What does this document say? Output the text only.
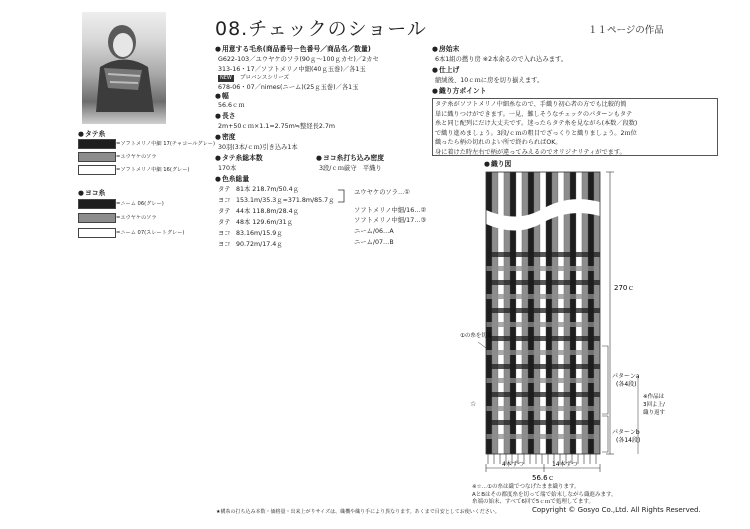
08.チェックのショール	１１ページの作品
● タテ糸
=ソフトメリノ中細 17(チャコールグレー)
=ユウヤケのソラ
=ソフトメリノ中細 16(グレー)
● ヨコ糸
=ニーム 06(グレー)
=ユウヤケのソラ
=ニーム 07(スレートグレー)
● 用意する毛糸(商品番号－色番号／商品名／数量)
G622-103／ユウヤケのソラ(90ｇ～100ｇカセ)／2カセ
313-16・17／ソフトメリノ中細(40ｇ玉巻)／各1玉
NEW	プロバンスシリーズ
678-06・07／nimes(ニーム)(25ｇ玉巻)／各1玉
● 幅
56.6ｃｍ
● 長さ
2m+50ｃｍ×1.1=2.75m≒整経長2.7m
● 密度
30羽(3本/ｃｍ)引き込み1本
● タテ糸総本数
170本
● ヨコ糸打ち込み密度
3段/ｃｍ厳守　平織り
● 色糸総量
タテ 81本 218.7m/50.4ｇ
ヨコ 153.1m/35.3ｇ=371.8m/85.7ｇ
タテ 44本 118.8m/28.4ｇ
タテ 48本 129.6m/31ｇ
ヨコ 83.16m/15.9ｇ
ヨコ 90.72m/17.4ｇ
ユウヤケのソラ…①
ソフトメリノ中細/16…②
ソフトメリノ中細/17…③
ニーム/06…A
ニーム/07…B
● 房始末
6本1組の撚り房 ※2本余るので入れ込みます。
● 仕上げ
縮絨後、10ｃｍに房を切り揃えます。
● 織り方ポイント
タテ糸がソフトメリノ中細糸なので、手織り初心者の方でも比較的簡
単に織りつけができます。一見、難しそうなチェックのパターンもタテ
糸と同じ配列にだけ大丈夫です。迷ったらタテ糸を見ながら(本数／段数)
で織り進めましょう。3段/ｃｍの粗目でざっくりと織りましょう。2ｍ位
織ったら柄の切れのよい所で終わらればOK。
身に着けた時左右で柄が違ってみえるのでオリジナリティがでます。
● 織り図
270ｃ
パターンa
(各4段)
パターンb
(各14段)
※作品は
3回よ上/
織り返す
①の糸を切る
☆
4本ずつ	14本ずつ
56.6ｃ
※☆…①の糸は織でつなげたまま織ります。
AとBはその都度糸を切って端で始末しながら織進みます。
糸端の始末、すべて6回で5ｃｍで処理してます。
★構糸の打ち込み本数・価格量・出来上がりサイズは、織機や織り手により異なります。あくまで目安としてお使いください。	Copyright © Gosyo Co.,Ltd. All Rights Reserved.
